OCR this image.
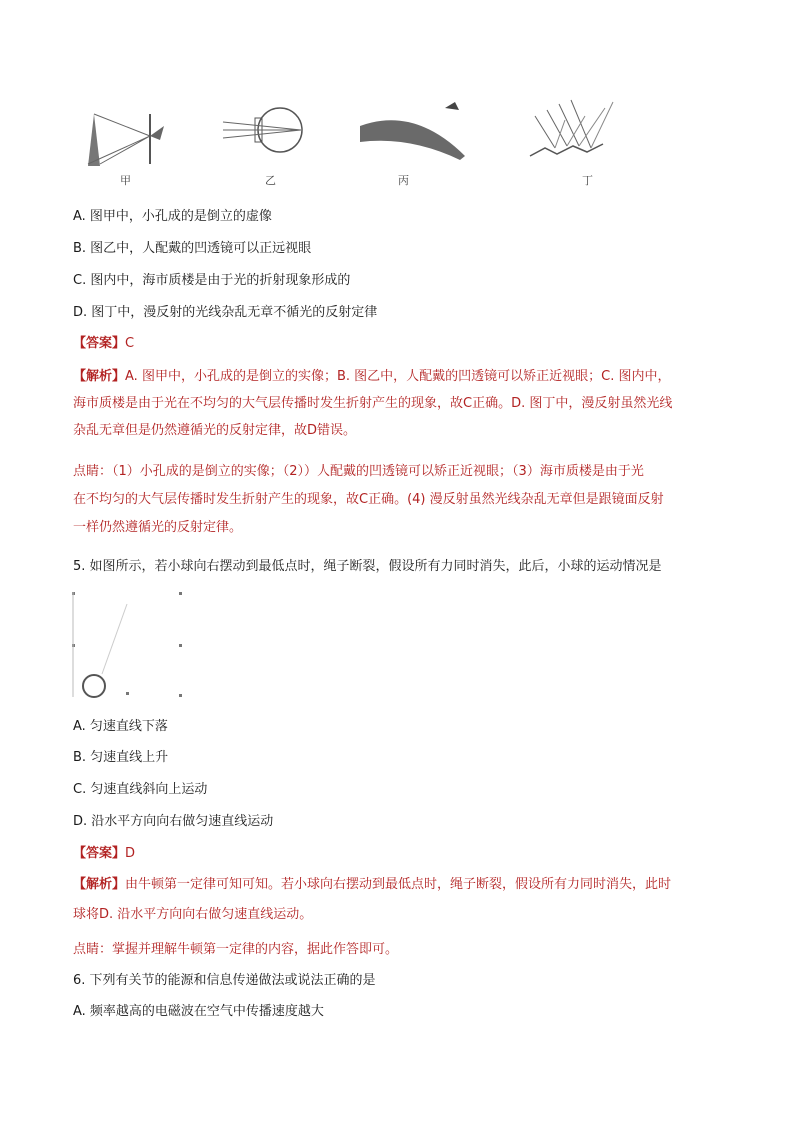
甲	乙	丙	丁
A. 图甲中，小孔成的是倒立的虚像
B. 图乙中，人配戴的凹透镜可以正远视眼
C. 图内中，海市质楼是由于光的折射现象形成的
D. 图丁中，漫反射的光线杂乱无章不循光的反射定律
【答案】C
【解析】A. 图甲中，小孔成的是倒立的实像；B. 图乙中，人配戴的凹透镜可以矫正近视眼；C. 图内中，
海市质楼是由于光在不均匀的大气层传播时发生折射产生的现象，故C正确。D. 图丁中，漫反射虽然光线
杂乱无章但是仍然遵循光的反射定律，故D错误。
点睛：（1）小孔成的是倒立的实像；（2））人配戴的凹透镜可以矫正近视眼；（3）海市质楼是由于光
在不均匀的大气层传播时发生折射产生的现象，故C正确。(4) 漫反射虽然光线杂乱无章但是跟镜面反射
一样仍然遵循光的反射定律。
5. 如图所示，若小球向右摆动到最低点时，绳子断裂，假设所有力同时消失，此后，小球的运动情况是
A. 匀速直线下落
B. 匀速直线上升
C. 匀速直线斜向上运动
D. 沿水平方向向右做匀速直线运动
【答案】D
【解析】由牛顿第一定律可知可知。若小球向右摆动到最低点时，绳子断裂，假设所有力同时消失，此时
球将D. 沿水平方向向右做匀速直线运动。
点睛：掌握并理解牛顿第一定律的内容，据此作答即可。
6. 下列有关节的能源和信息传递做法或说法正确的是
A. 频率越高的电磁波在空气中传播速度越大
